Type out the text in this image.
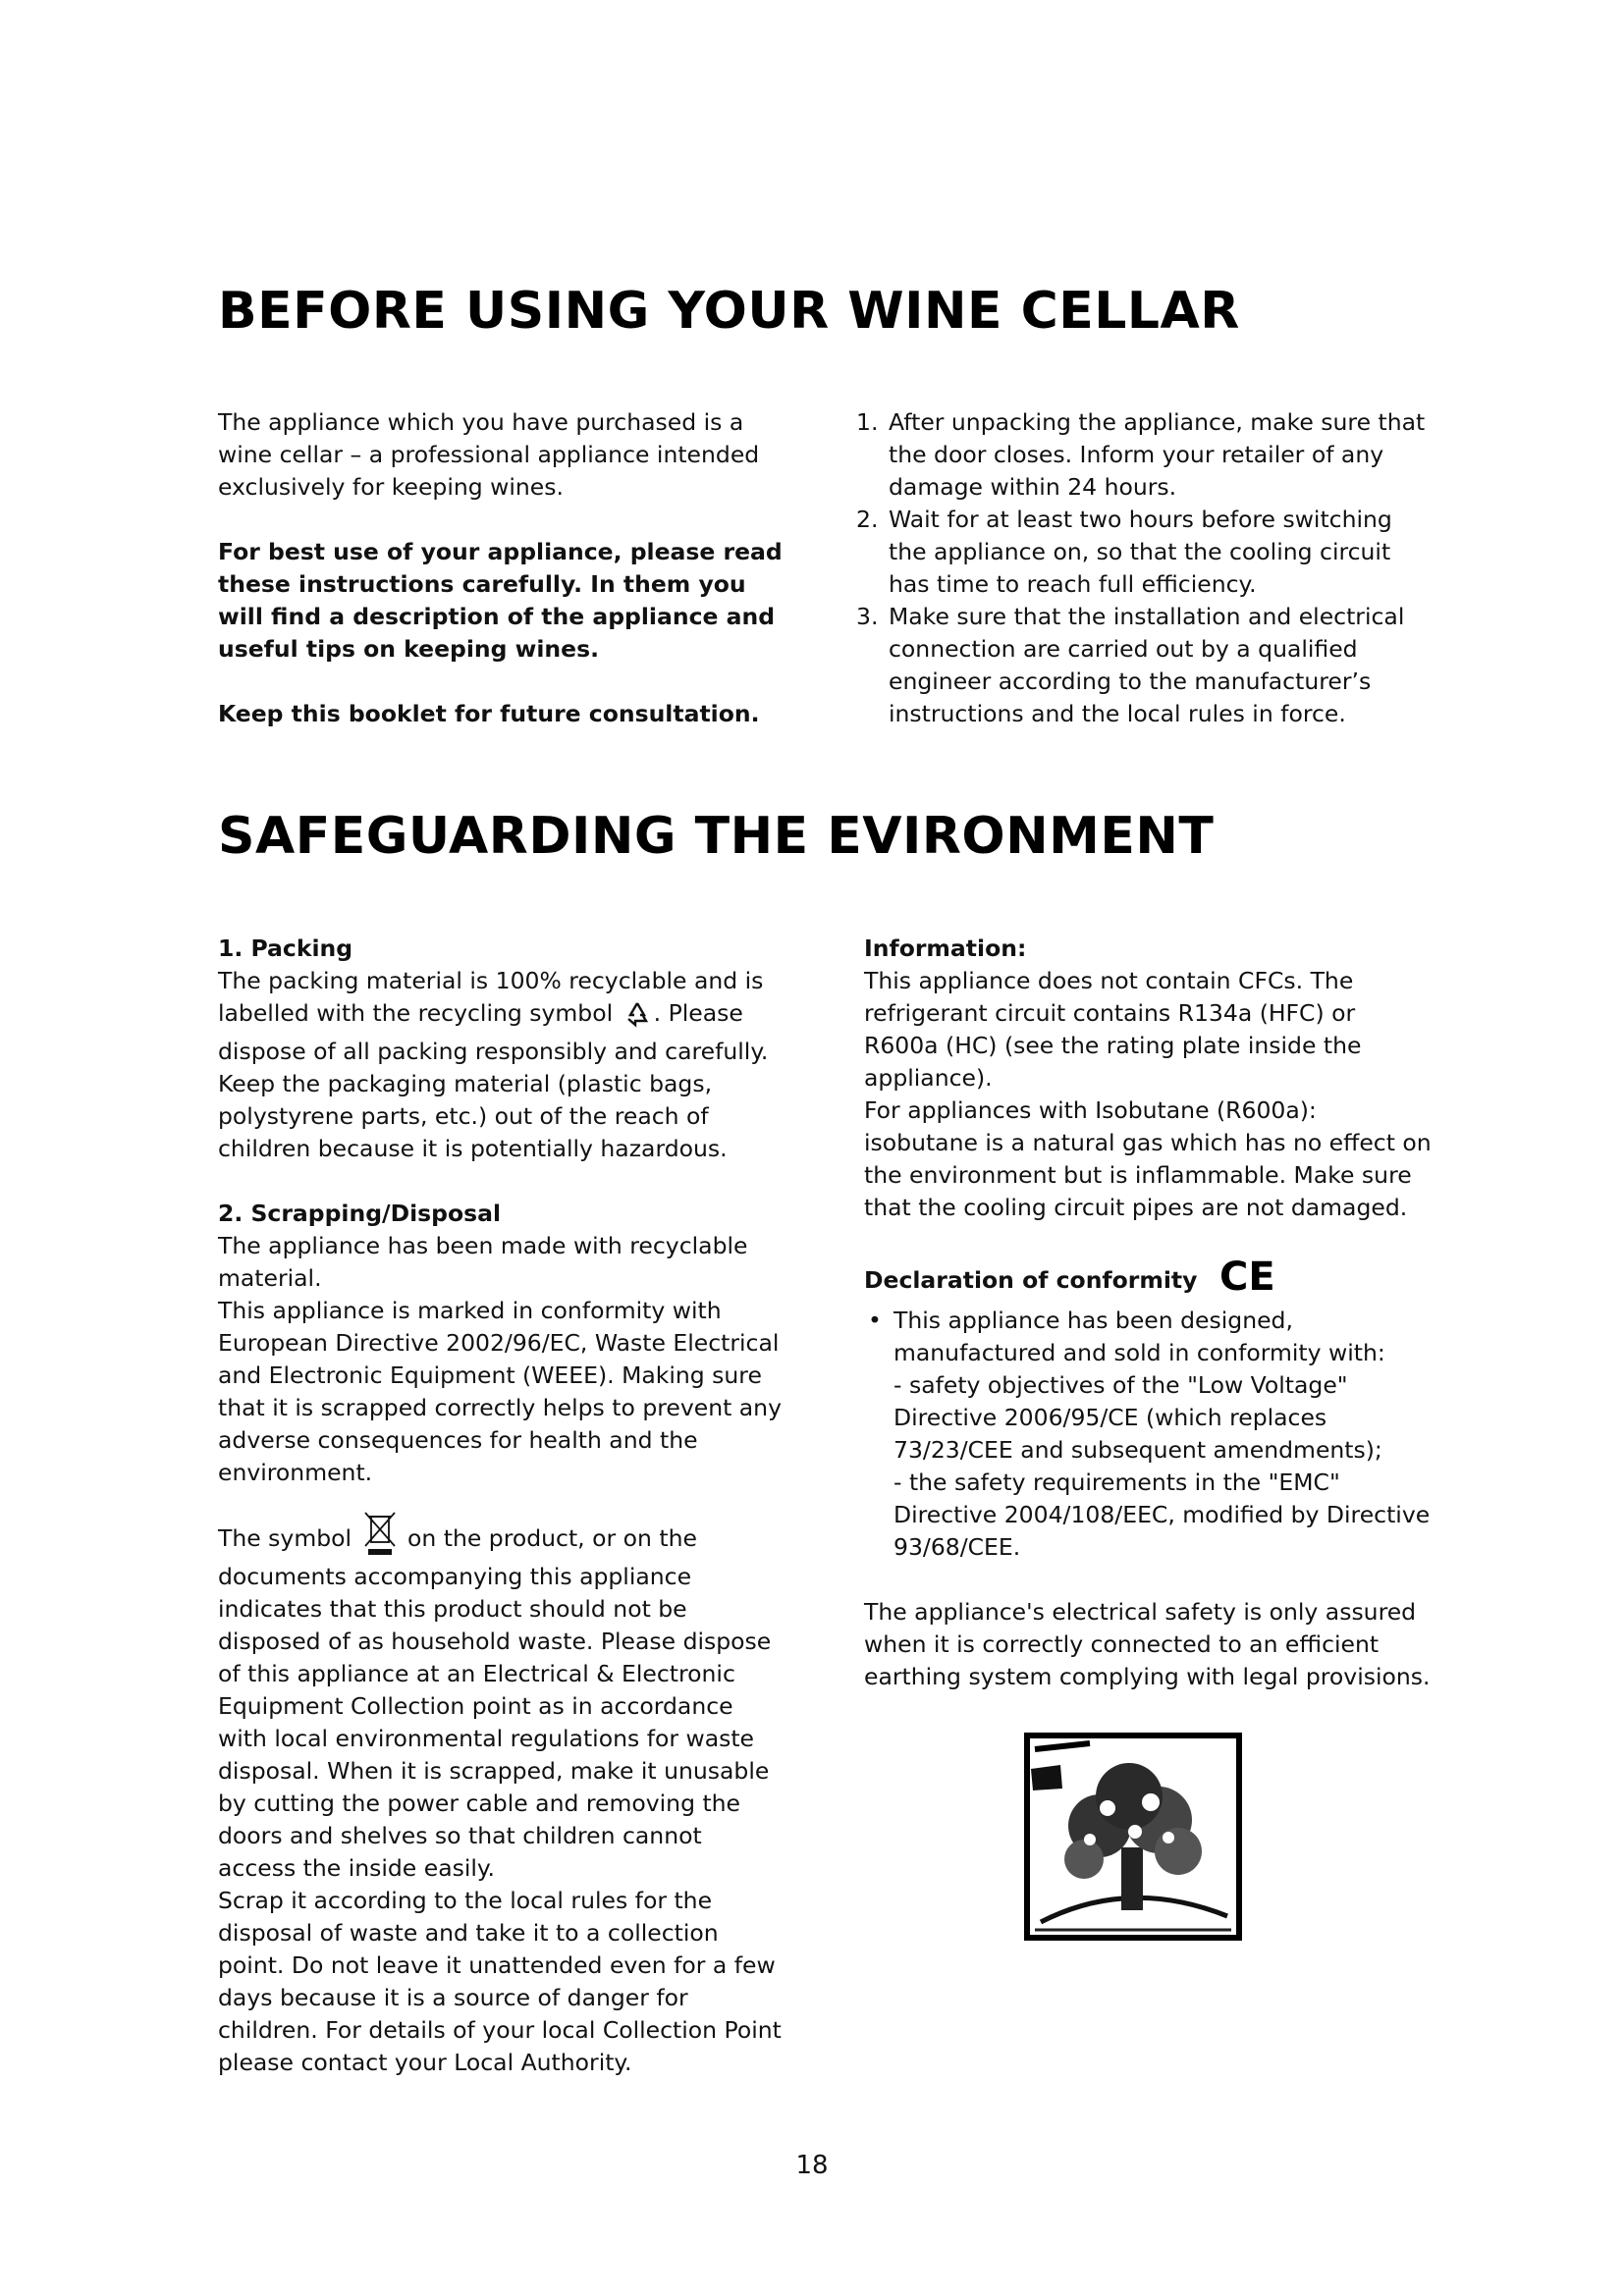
BEFORE USING YOUR WINE CELLAR

The appliance which you have purchased is a wine cellar – a professional appliance intended exclusively for keeping wines.

For best use of your appliance, please read these instructions carefully. In them you will find a description of the appliance and useful tips on keeping wines.

Keep this booklet for future consultation.

1. After unpacking the appliance, make sure that the door closes. Inform your retailer of any damage within 24 hours.
2. Wait for at least two hours before switching the appliance on, so that the cooling circuit has time to reach full efficiency.
3. Make sure that the installation and electrical connection are carried out by a qualified engineer according to the manufacturer’s instructions and the local rules in force.
SAFEGUARDING THE EVIRONMENT

1. Packing

The packing material is 100% recyclable and is labelled with the recycling symbol . Please dispose of all packing responsibly and carefully. Keep the packaging material (plastic bags, polystyrene parts, etc.) out of the reach of children because it is potentially hazardous.

2. Scrapping/Disposal

The appliance has been made with recyclable material.

This appliance is marked in conformity with European Directive 2002/96/EC, Waste Electrical and Electronic Equipment (WEEE). Making sure that it is scrapped correctly helps to prevent any adverse consequences for health and the environment.

The symbol on the product, or on the documents accompanying this appliance indicates that this product should not be disposed of as household waste. Please dispose of this appliance at an Electrical & Electronic Equipment Collection point as in accordance with local environmental regulations for waste disposal. When it is scrapped, make it unusable by cutting the power cable and removing the doors and shelves so that children cannot access the inside easily.

Scrap it according to the local rules for the disposal of waste and take it to a collection point. Do not leave it unattended even for a few days because it is a source of danger for children. For details of your local Collection Point please contact your Local Authority.

Information:

This appliance does not contain CFCs. The refrigerant circuit contains R134a (HFC) or R600a (HC) (see the rating plate inside the appliance).

For appliances with Isobutane (R600a): isobutane is a natural gas which has no effect on the environment but is inflammable. Make sure that the cooling circuit pipes are not damaged.

Declaration of conformity CE

• This appliance has been designed, manufactured and sold in conformity with:

- safety objectives of the "Low Voltage" Directive 2006/95/CE (which replaces 73/23/CEE and subsequent amendments);

- the safety requirements in the "EMC" Directive 2004/108/EEC, modified by Directive 93/68/CEE.

The appliance's electrical safety is only assured when it is correctly connected to an efficient earthing system complying with legal provisions.

18
